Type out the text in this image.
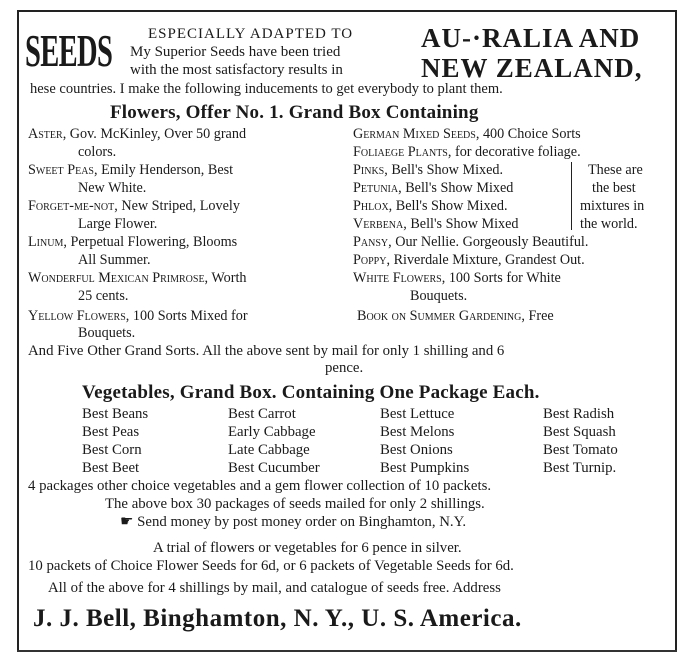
SEEDS ESPECIALLY ADAPTED TO
My Superior Seeds have been tried
with the most satisfactory results in
AU-·RALIA AND
NEW ZEALAND,
hese countries. I make the following inducements to get everybody to plant them.
Flowers, Offer No. 1. Grand Box Containing
Aster, Gov. McKinley, Over 50 grand
colors.
Sweet Peas, Emily Henderson, Best
New White.
Forget-me-not, New Striped, Lovely
Large Flower.
Linum, Perpetual Flowering, Blooms
All Summer.
Wonderful Mexican Primrose, Worth
25 cents.
Yellow Flowers, 100 Sorts Mixed for
Bouquets.
German Mixed Seeds, 400 Choice Sorts
Foliaege Plants, for decorative foliage.
Pinks, Bell's Show Mixed.
Petunia, Bell's Show Mixed
Phlox, Bell's Show Mixed.
Verbena, Bell's Show Mixed
Pansy, Our Nellie. Gorgeously Beautiful.
Poppy, Riverdale Mixture, Grandest Out.
White Flowers, 100 Sorts for White
Bouquets.
Book on Summer Gardening, Free
These are
the best
mixtures in
the world.
And Five Other Grand Sorts. All the above sent by mail for only 1 shilling and 6
pence.
Vegetables, Grand Box. Containing One Package Each.
Best Beans
Best Peas
Best Corn
Best Beet
Best Carrot
Early Cabbage
Late Cabbage
Best Cucumber
Best Lettuce
Best Melons
Best Onions
Best Pumpkins
Best Radish
Best Squash
Best Tomato
Best Turnip.
4 packages other choice vegetables and a gem flower collection of 10 packets.
The above box 30 packages of seeds mailed for only 2 shillings.
☛ Send money by post money order on Binghamton, N.Y.
A trial of flowers or vegetables for 6 pence in silver.
10 packets of Choice Flower Seeds for 6d, or 6 packets of Vegetable Seeds for 6d.
All of the above for 4 shillings by mail, and catalogue of seeds free. Address
J. J. Bell, Binghamton, N. Y., U. S. America.
